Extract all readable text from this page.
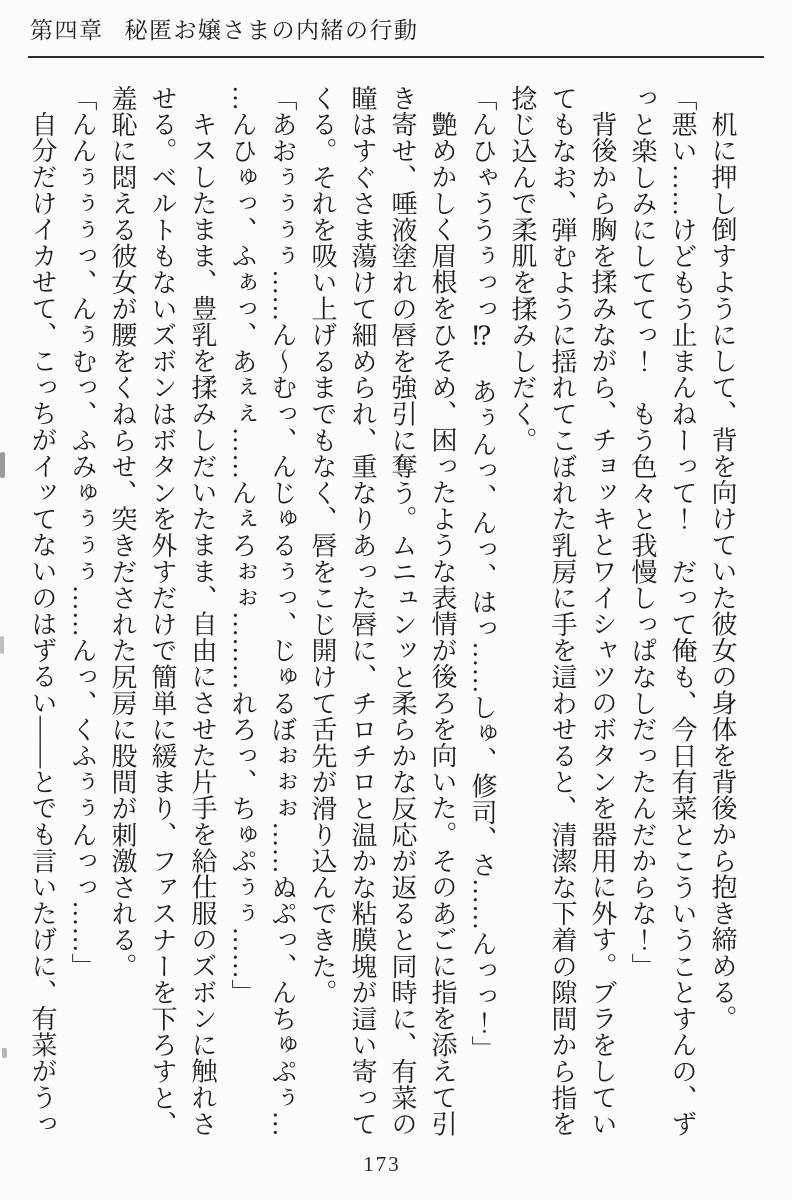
第四章 秘匿お嬢さまの内緒の行動

机に押し倒すようにして、背を向けていた彼女の身体を背後から抱き締める。

「悪い……けどもう止まんねーって！　だって俺も、今日有菜とこういうことすんの、ず

っと楽しみにしててっ！　もう色々と我慢しっぱなしだったんだからな！」

背後から胸を揉みながら、チョッキとワイシャツのボタンを器用に外す。ブラをしてい

てもなお、弾むように揺れてこぼれた乳房に手を這わせると、清潔な下着の隙間から指を

捻じ込んで柔肌を揉みしだく。

「んひゃううぅっっ⁉　あぅんっ、んっ、はっ……しゅ、修司、さ……んっっ！」

艶めかしく眉根をひそめ、困ったような表情が後ろを向いた。そのあごに指を添えて引

き寄せ、唾液塗れの唇を強引に奪う。ムニュンッと柔らかな反応が返ると同時に、有菜の

瞳はすぐさま蕩けて細められ、重なりあった唇に、チロチロと温かな粘膜塊が這い寄って

くる。それを吸い上げるまでもなく、唇をこじ開けて舌先が滑り込んできた。

「あおぅぅぅぅ……ん～むっ、んじゅるぅっ、じゅるぼぉぉぉ……ぬぷっ、んちゅぷぅ…

…んひゅっ、ふぁっ、あぇぇ……んぇろぉぉ………れろっ、ちゅぷぅぅ……」

キスしたまま、豊乳を揉みしだいたまま、自由にさせた片手を給仕服のズボンに触れさ

せる。ベルトもないズボンはボタンを外すだけで簡単に緩まり、ファスナーを下ろすと、

羞恥に悶える彼女が腰をくねらせ、突きだされた尻房に股間が刺激される。

「んんぅぅぅっ、んぅむっ、ふみゅぅぅぅ……んっ、くふぅぅんっっ……」

自分だけイカせて、こっちがイッてないのはずるい――とでも言いたげに、有菜がうっ

173
